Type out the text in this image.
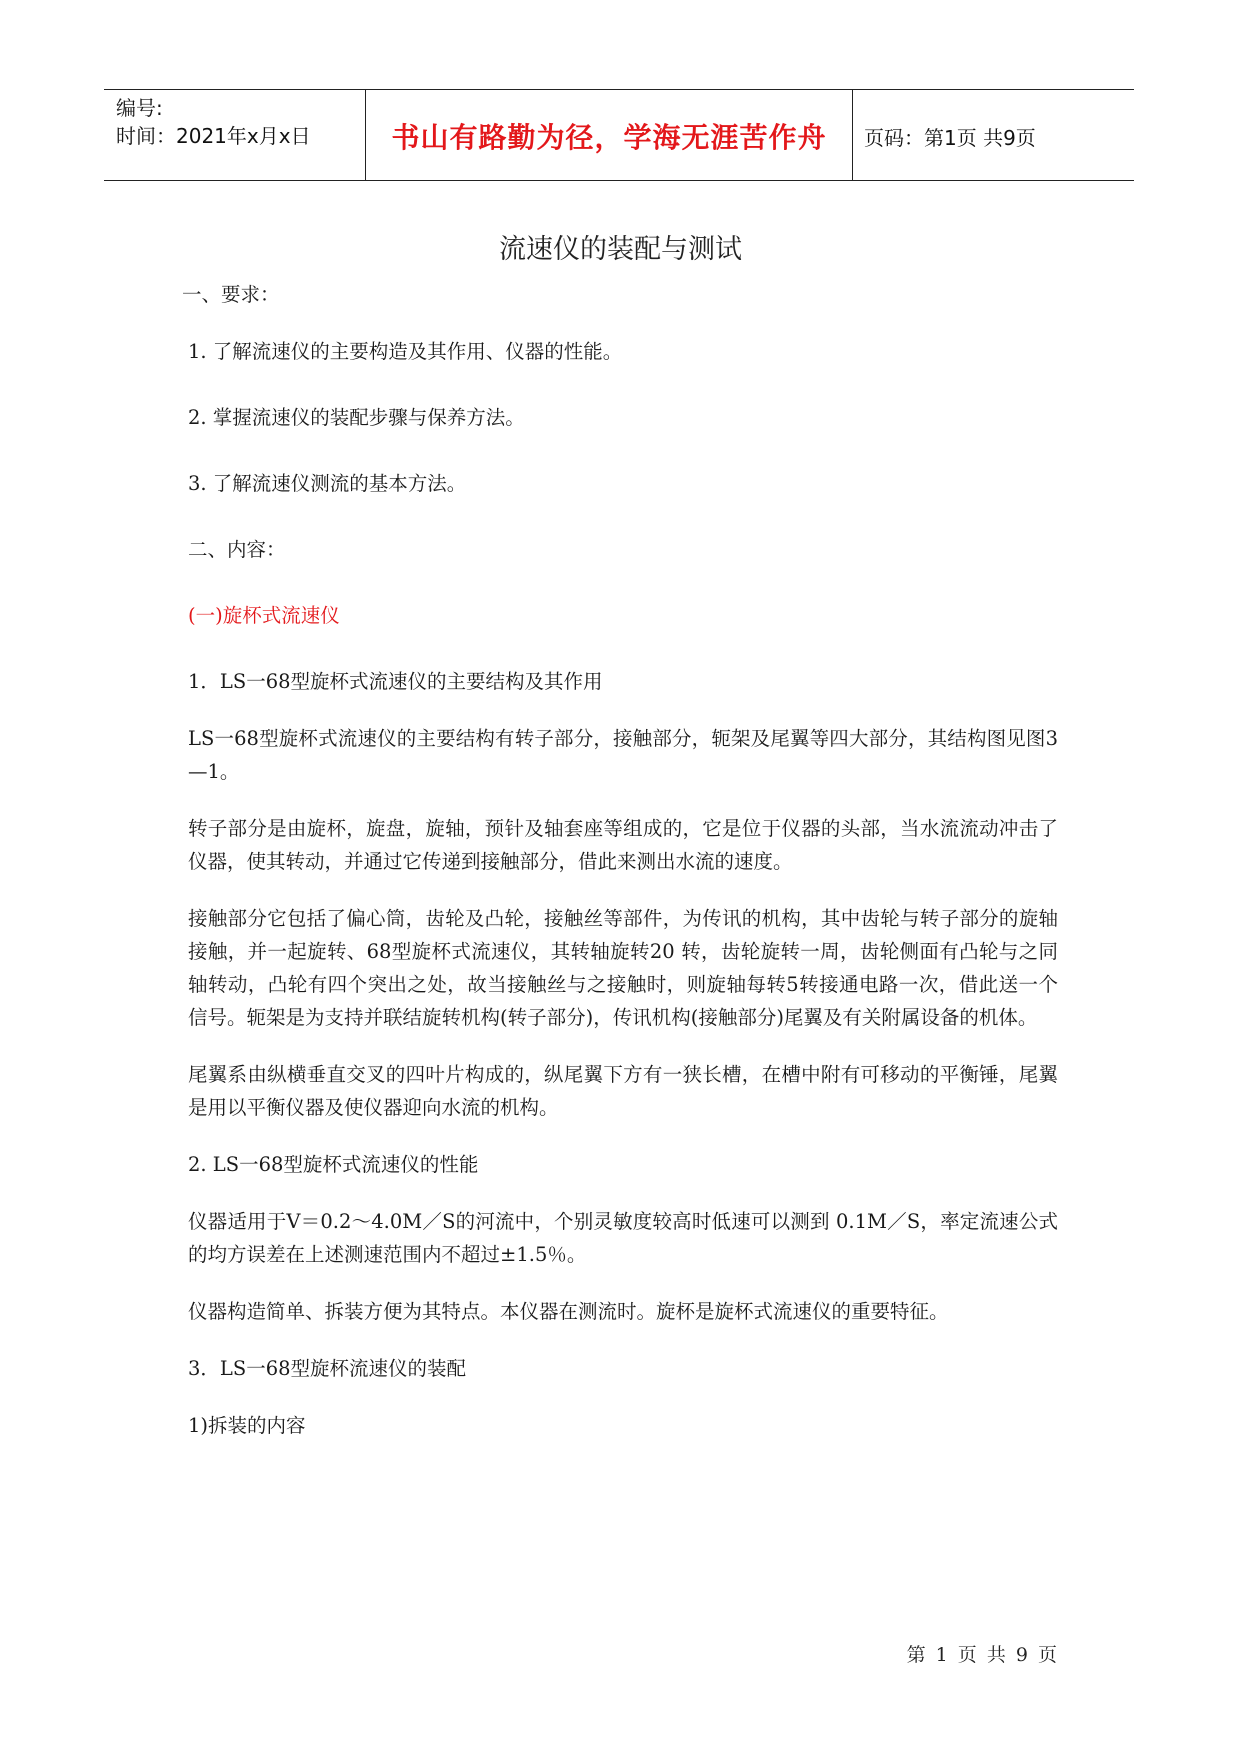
编号:
时间：2021年x月x日	书山有路勤为径，学海无涯苦作舟	页码：第1页 共9页
流速仪的装配与测试

一、要求：

1. 了解流速仪的主要构造及其作用、仪器的性能。

2. 掌握流速仪的装配步骤与保养方法。

3. 了解流速仪测流的基本方法。

二、内容：

(一)旋杯式流速仪

1．LS一68型旋杯式流速仪的主要结构及其作用

LS一68型旋杯式流速仪的主要结构有转子部分，接触部分，轭架及尾翼等四大部分，其结构图见图3—1。

转子部分是由旋杯，旋盘，旋轴，预针及轴套座等组成的，它是位于仪器的头部，当水流流动冲击了仪器，使其转动，并通过它传递到接触部分，借此来测出水流的速度。

接触部分它包括了偏心筒，齿轮及凸轮，接触丝等部件，为传讯的机构，其中齿轮与转子部分的旋轴接触，并一起旋转、68型旋杯式流速仪，其转轴旋转20 转，齿轮旋转一周，齿轮侧面有凸轮与之同轴转动，凸轮有四个突出之处，故当接触丝与之接触时，则旋轴每转5转接通电路一次，借此送一个信号。轭架是为支持并联结旋转机构(转子部分)，传讯机构(接触部分)尾翼及有关附属设备的机体。

尾翼系由纵横垂直交叉的四叶片构成的，纵尾翼下方有一狭长槽，在槽中附有可移动的平衡锤，尾翼是用以平衡仪器及使仪器迎向水流的机构。

2. LS一68型旋杯式流速仪的性能

仪器适用于V＝0.2～4.0M／S的河流中，个别灵敏度较高时低速可以测到 0.1M／S，率定流速公式的均方误差在上述测速范围内不超过±1.5％。

仪器构造简单、拆装方便为其特点。本仪器在测流时。旋杯是旋杯式流速仪的重要特征。

3．LS一68型旋杯流速仪的装配

1)拆装的内容

第 1 页 共 9 页
